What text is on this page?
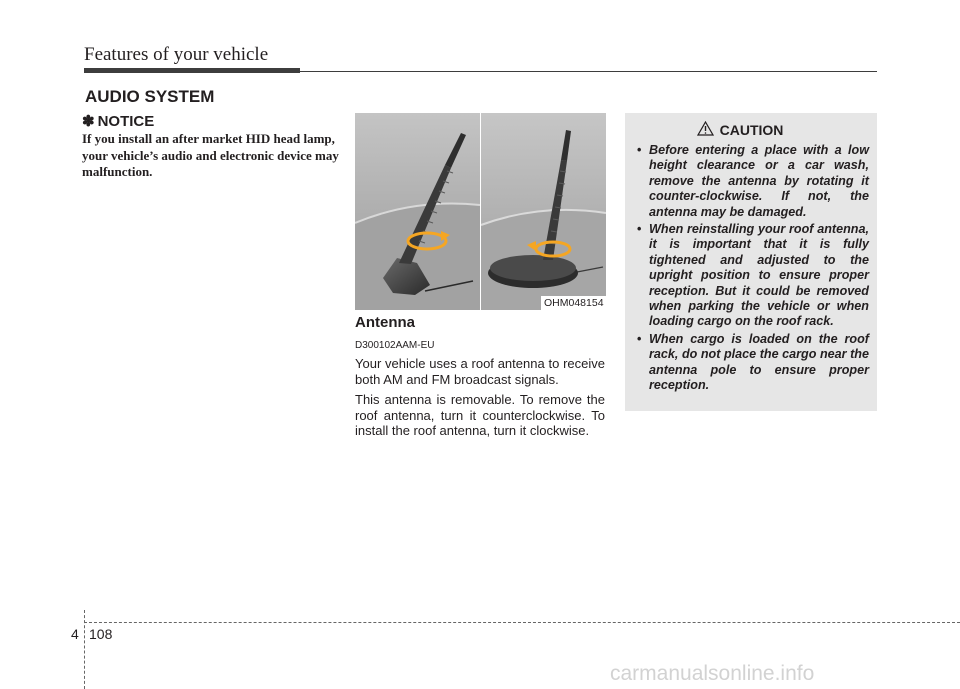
Features of your vehicle
AUDIO SYSTEM
✽ NOTICE
If you install an after market HID head lamp, your vehicle’s audio and electronic device may malfunction.
OHM048154
Antenna
D300102AAM-EU

Your vehicle uses a roof antenna to receive both AM and FM broadcast signals.

This antenna is removable. To remove the roof antenna, turn it counterclockwise. To install the roof antenna, turn it clockwise.

CAUTION
• Before entering a place with a low height clearance or a car wash, remove the antenna by rotating it counter-clockwise. If not, the antenna may be damaged.
• When reinstalling your roof antenna, it is important that it is fully tightened and adjusted to the upright position to ensure proper reception. But it could be removed when parking the vehicle or when loading cargo on the roof rack.
• When cargo is loaded on the roof rack, do not place the cargo near the antenna pole to ensure proper reception.
4 108
carmanualsonline.info
